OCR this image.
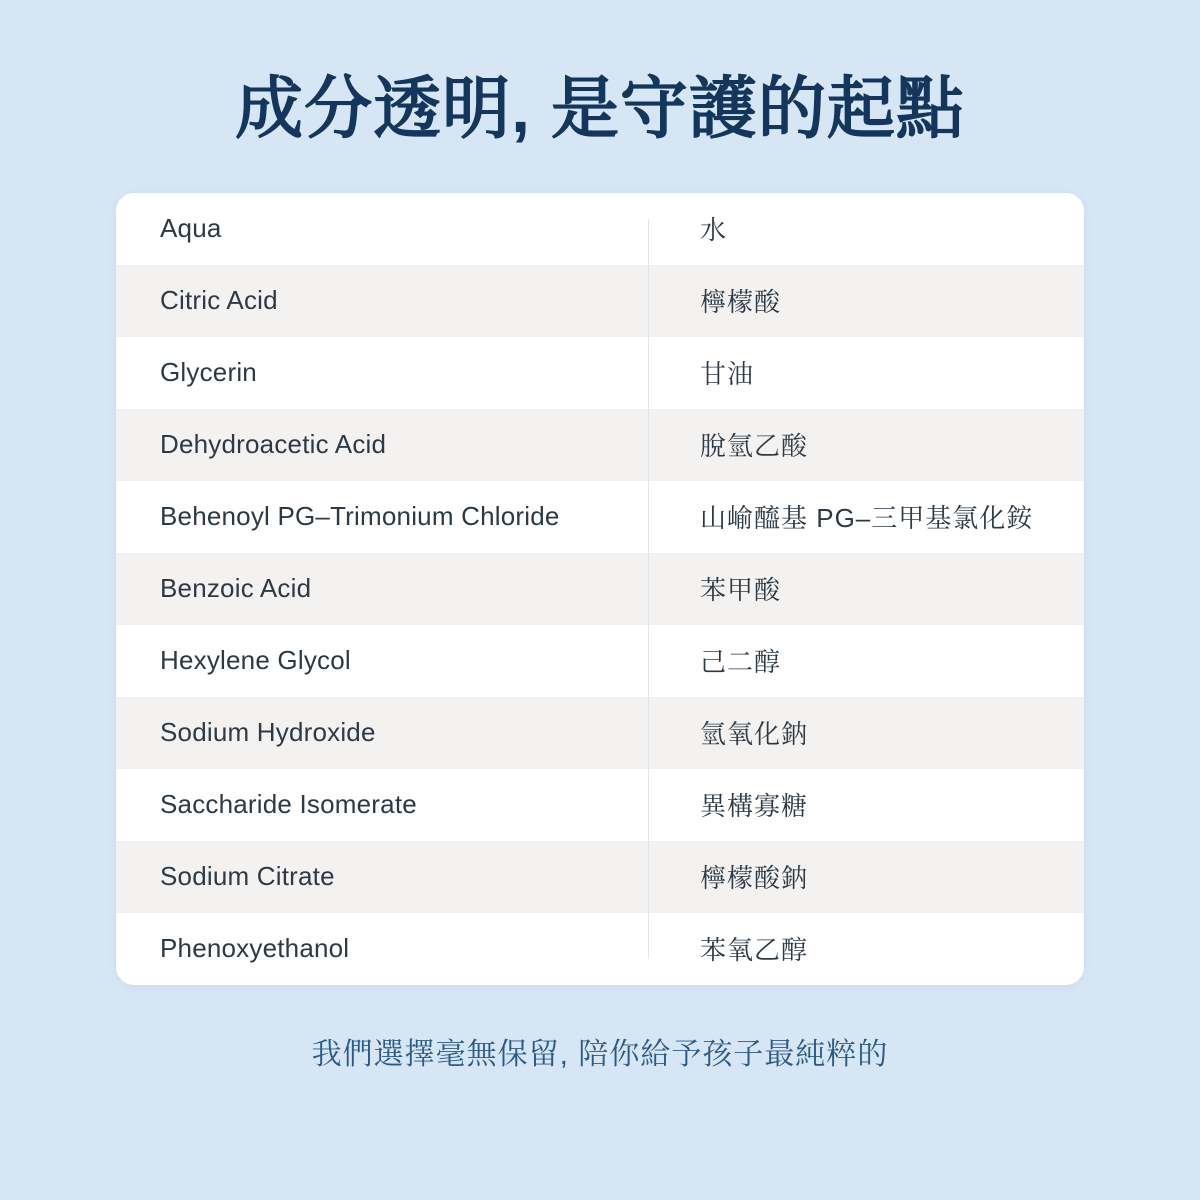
成分透明, 是守護的起點
Aqua	水
Citric Acid	檸檬酸
Glycerin	甘油
Dehydroacetic Acid	脫氫乙酸
Behenoyl PG–Trimonium Chloride	山崳醯基 PG–三甲基氯化銨
Benzoic Acid	苯甲酸
Hexylene Glycol	己二醇
Sodium Hydroxide	氫氧化鈉
Saccharide Isomerate	異構寡糖
Sodium Citrate	檸檬酸鈉
Phenoxyethanol	苯氧乙醇
我們選擇毫無保留, 陪你給予孩子最純粹的
